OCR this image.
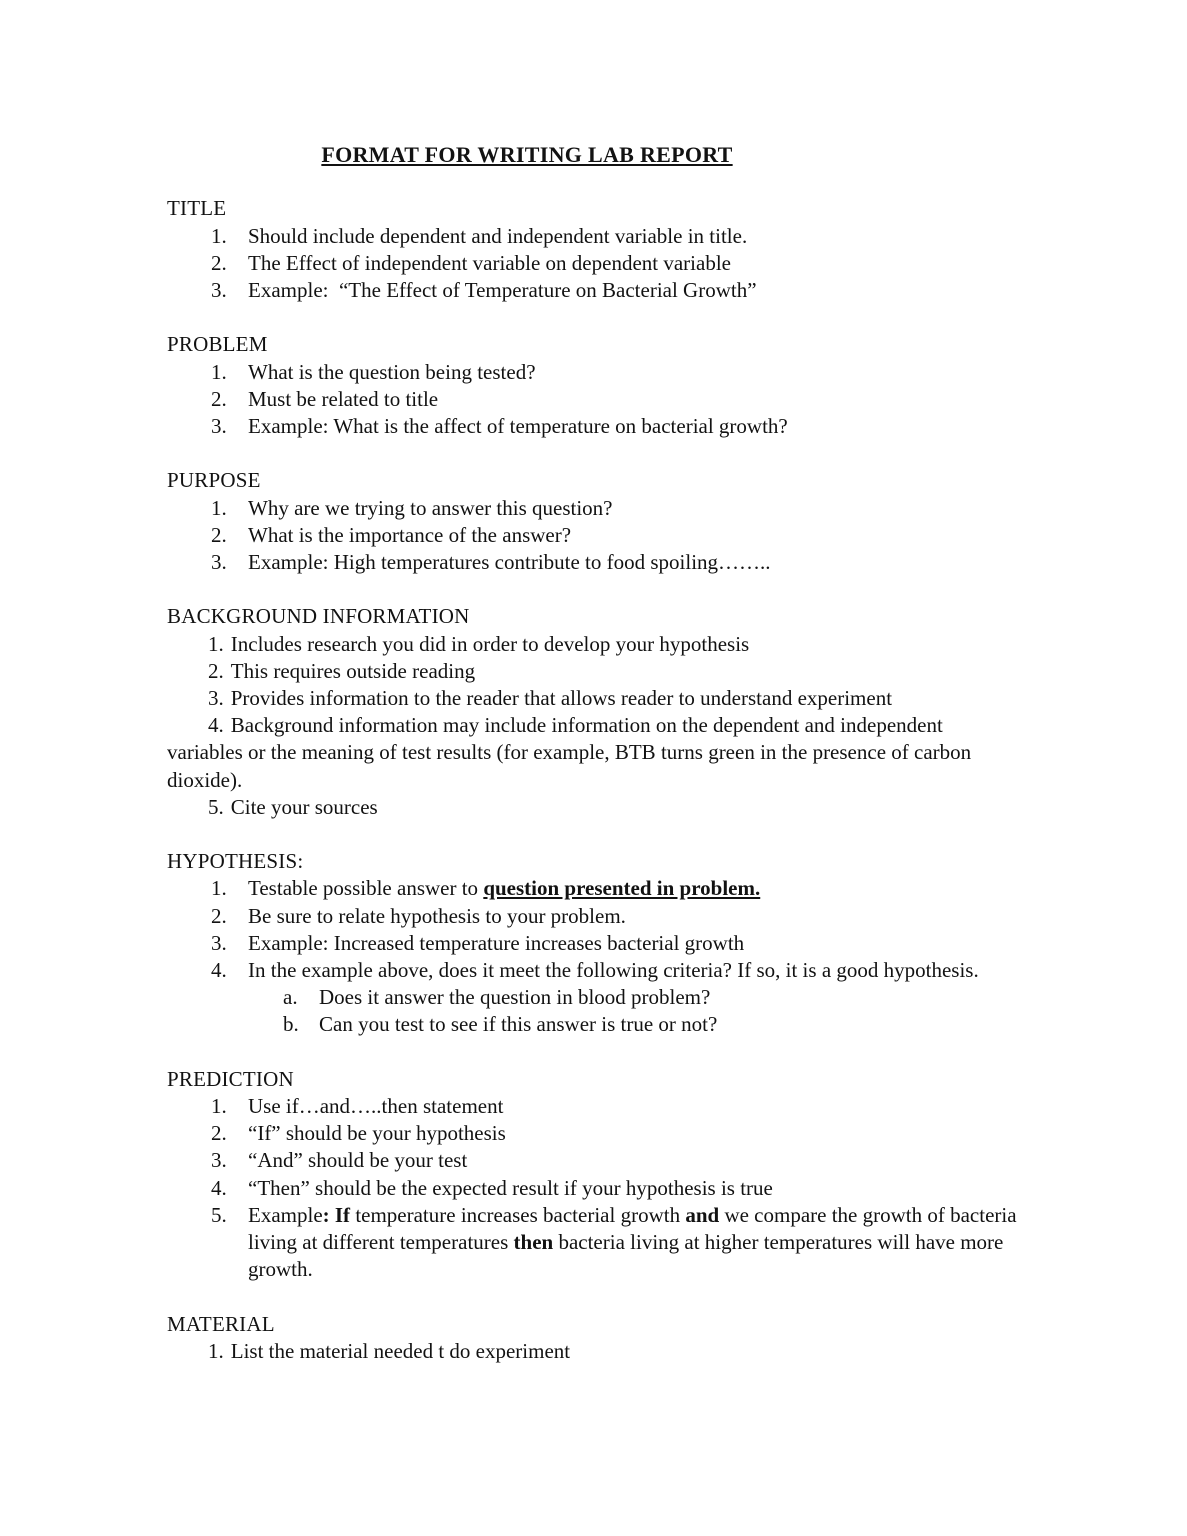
FORMAT FOR WRITING LAB REPORT
TITLE
1.	Should include dependent and independent variable in title.
2.	The Effect of independent variable on dependent variable
3.	Example:  “The Effect of Temperature on Bacterial Growth”
PROBLEM
1.	What is the question being tested?
2.	Must be related to title
3.	Example: What is the affect of temperature on bacterial growth?
PURPOSE
1.	Why are we trying to answer this question?
2.	What is the importance of the answer?
3.	Example: High temperatures contribute to food spoiling……..
BACKGROUND INFORMATION
1. Includes research you did in order to develop your hypothesis
2. This requires outside reading
3. Provides information to the reader that allows reader to understand experiment
4. Background information may include information on the dependent and independent variables or the meaning of test results (for example, BTB turns green in the presence of carbon dioxide).
5. Cite your sources
HYPOTHESIS:
1.	Testable possible answer to question presented in problem.
2.	Be sure to relate hypothesis to your problem.
3.	Example: Increased temperature increases bacterial growth
4.	In the example above, does it meet the following criteria? If so, it is a good hypothesis.
a.	Does it answer the question in blood problem?
b. Can you test to see if this answer is true or not?
PREDICTION
1.	Use if…and…..then statement
2.	“If” should be your hypothesis
3.	“And” should be your test
4.	“Then” should be the expected result if your hypothesis is true
5.	Example: If temperature increases bacterial growth and we compare the growth of bacteria living at different temperatures then bacteria living at higher temperatures will have more growth.
MATERIAL
1. List the material needed t do experiment
